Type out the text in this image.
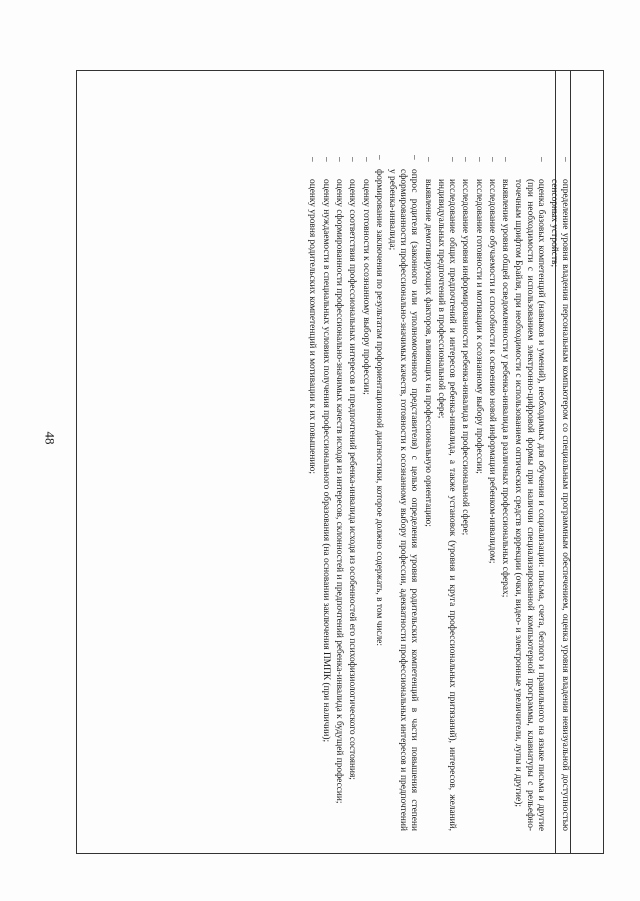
48
–
определение уровня владения персональным компьютером со специальным программным обеспечением, оценка уровня владения невизуальной доступностью сенсорных устройств;
–
оценка базовых компетенций (навыков и умений), необходимых для обучения и социализации: письма, счета, беглого и правильного на языке письма и другие (при необходимости с использованием электронно-цифровой формы при наличии специализированной компьютерной программы, клавиатуры с рельефно-точечным шрифтом Брайля, при необходимости с использованием оптических средств коррекции (очки, видео- и электронные увеличители, лупы и другие);
–
выявление уровня общей осведомленности у ребенка-инвалида в различных профессиональных сферах;
–
исследование обучаемости и способности к освоению новой информации ребенком-инвалидом;
–
исследование готовности и мотивации к осознанному выбору профессии;
–
исследование уровня информированности ребенка-инвалида в профессиональной сфере;
–
исследование общих предпочтений и интересов ребенка-инвалида, а также установок (уровня и круга профессиональных притязаний), интересов, желаний, индивидуальных предпочтений в профессиональной сфере;
–
выявление демотивирующих факторов, влияющих на профессиональную ориентацию;
–
опрос родителя (законного или уполномоченного представителя) с целью определения уровня родительских компетенций в части повышения степени сформированности профессионально-значимых качеств, готовности к осознанному выбору профессии, адекватности профессиональных интересов и предпочтений у ребенка-инвалида;
–
формирование заключения по результатам профориентационной диагностики, которое должно содержать, в том числе:
–
оценку готовности к осознанному выбору профессии;
–
оценку соответствия профессиональных интересов и предпочтений ребенка-инвалида исходя из особенностей его психофизиологического состояния;
–
оценку сформированности профессионально-значимых качеств исходя из интересов, склонностей и предпочтений ребенка-инвалида к будущей профессии;
–
оценку нуждаемости в специальных условиях получения профессионального образования (на основании заключения ПМПК (при наличии);
–
оценку уровня родительских компетенций и мотивации к их повышению;
